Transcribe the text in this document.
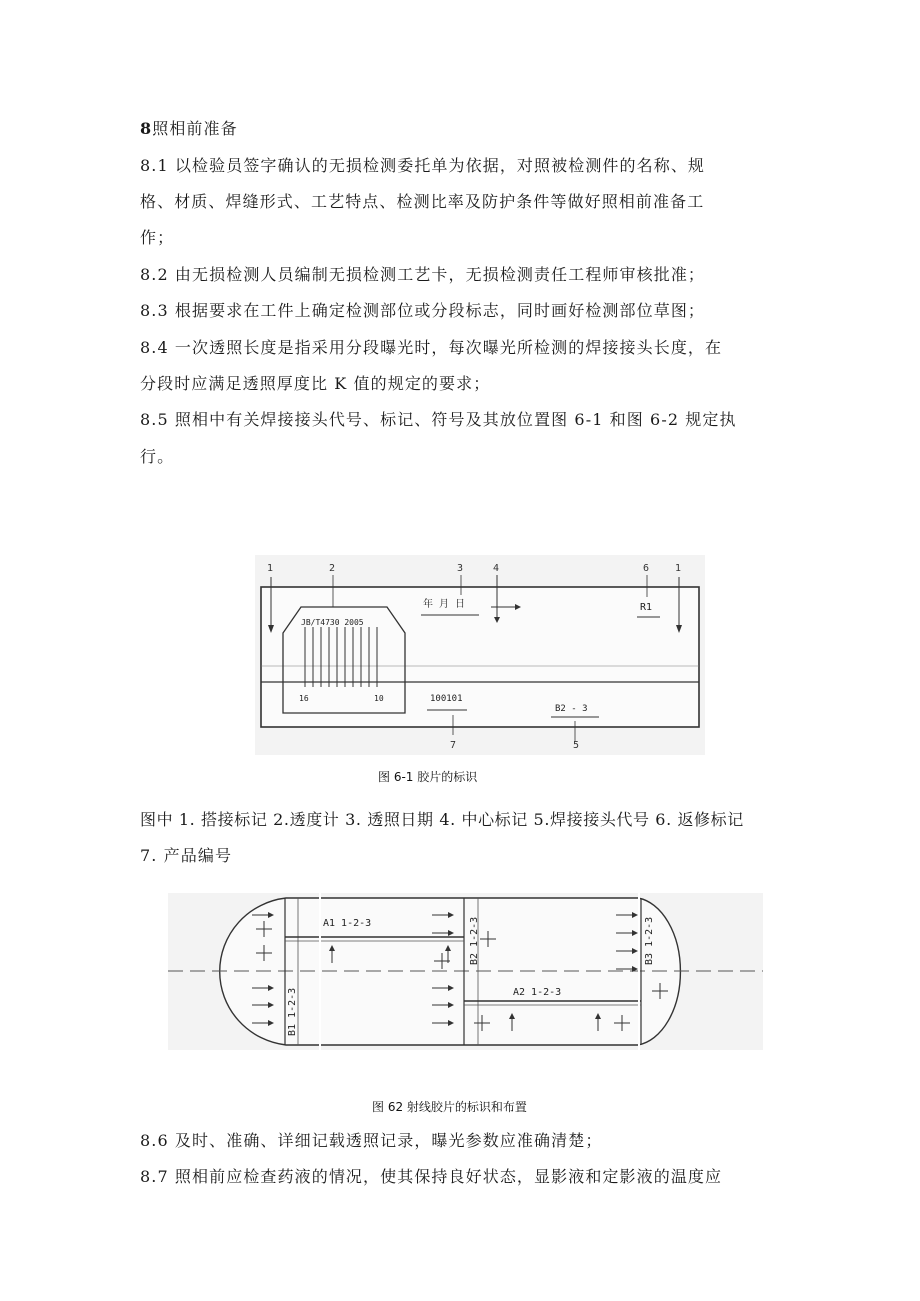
8照相前准备
8.1 以检验员签字确认的无损检测委托单为依据，对照被检测件的名称、规
格、材质、焊缝形式、工艺特点、检测比率及防护条件等做好照相前准备工
作；
8.2 由无损检测人员编制无损检测工艺卡，无损检测责任工程师审核批准；
8.3 根据要求在工件上确定检测部位或分段标志，同时画好检测部位草图；
8.4 一次透照长度是指采用分段曝光时，每次曝光所检测的焊接接头长度，在
分段时应满足透照厚度比 K 值的规定的要求；
8.5 照相中有关焊接接头代号、标记、符号及其放位置图 6-1 和图 6-2 规定执
行。
JB/T4730 2005
16	10
年 月 日	R1
100101
B2 - 3
1	2	3	4	6	1
7	5
图 6-1 胶片的标识
图中 1. 搭接标记 2.透度计 3. 透照日期 4. 中心标记 5.焊接接头代号 6. 返修标记
7. 产品编号
A1 1-2-3
A2 1-2-3
B1 1-2-3
B2 1-2-3	B3 1-2-3
图 62 射线胶片的标识和布置
8.6 及时、准确、详细记载透照记录，曝光参数应准确清楚；
8.7 照相前应检查药液的情况，使其保持良好状态，显影液和定影液的温度应
